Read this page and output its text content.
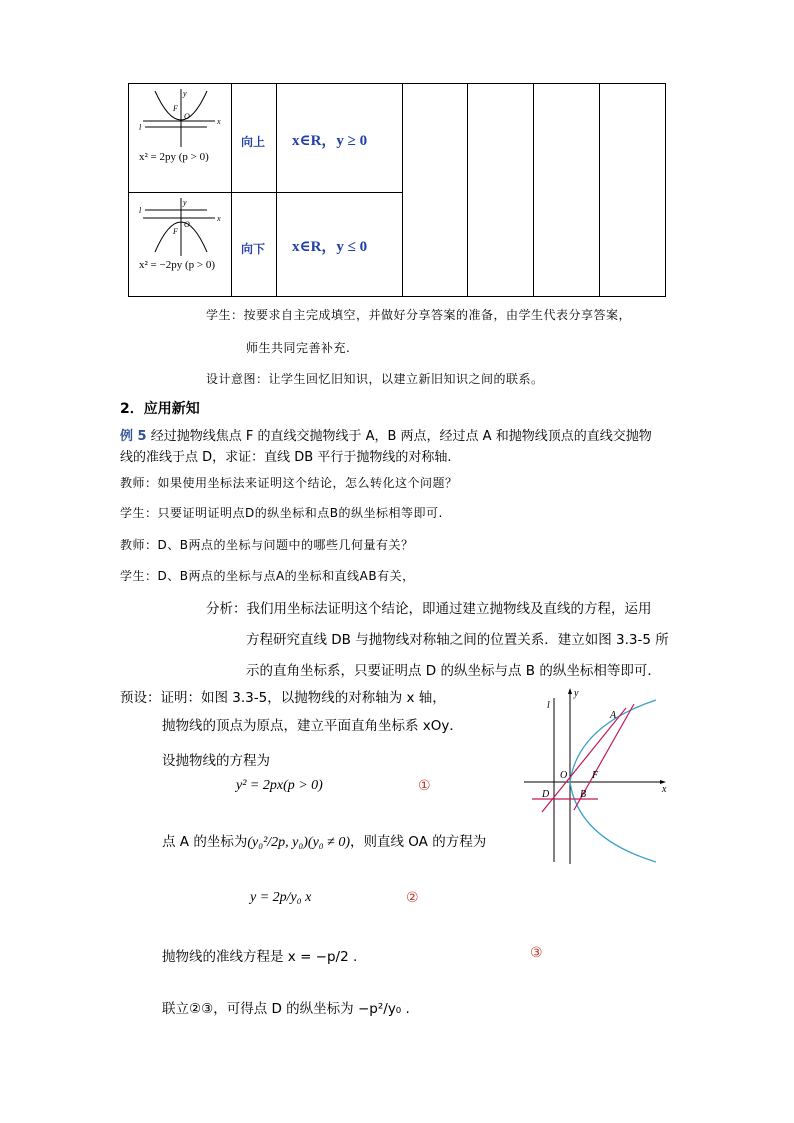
y
x
O
F
l
x² = 2py (p > 0)
向上 x∈R，y ≥ 0
y
x
O
F
l
x² = −2py (p > 0)
向下 x∈R，y ≤ 0
学生：按要求自主完成填空，并做好分享答案的准备，由学生代表分享答案，
师生共同完善补充.
设计意图：让学生回忆旧知识，以建立新旧知识之间的联系。
2．应用新知
例 5 经过抛物线焦点 F 的直线交抛物线于 A，B 两点，经过点 A 和抛物线顶点的直线交抛物
线的准线于点 D，求证：直线 DB 平行于抛物线的对称轴.
教师：如果使用坐标法来证明这个结论，怎么转化这个问题？
学生：只要证明证明点D的纵坐标和点B的纵坐标相等即可.
教师：D、B两点的坐标与问题中的哪些几何量有关？
学生：D、B两点的坐标与点A的坐标和直线AB有关，
分析：我们用坐标法证明这个结论，即通过建立抛物线及直线的方程，运用
方程研究直线 DB 与抛物线对称轴之间的位置关系．建立如图 3.3-5 所
示的直角坐标系，只要证明点 D 的纵坐标与点 B 的纵坐标相等即可．
预设：证明：如图 3.3-5，以抛物线的对称轴为 x 轴，
抛物线的顶点为原点，建立平面直角坐标系 xOy．
设抛物线的方程为
y² = 2px(p > 0)	①
点 A 的坐标为(y₀²/2p, y₀)(y₀ ≠ 0)，则直线 OA 的方程为
y = 2p/y₀ x	②
抛物线的准线方程是 x = −p/2 .	③
联立②③，可得点 D 的纵坐标为 −p²/y₀ .
y
x
l
A
O F
D	B
